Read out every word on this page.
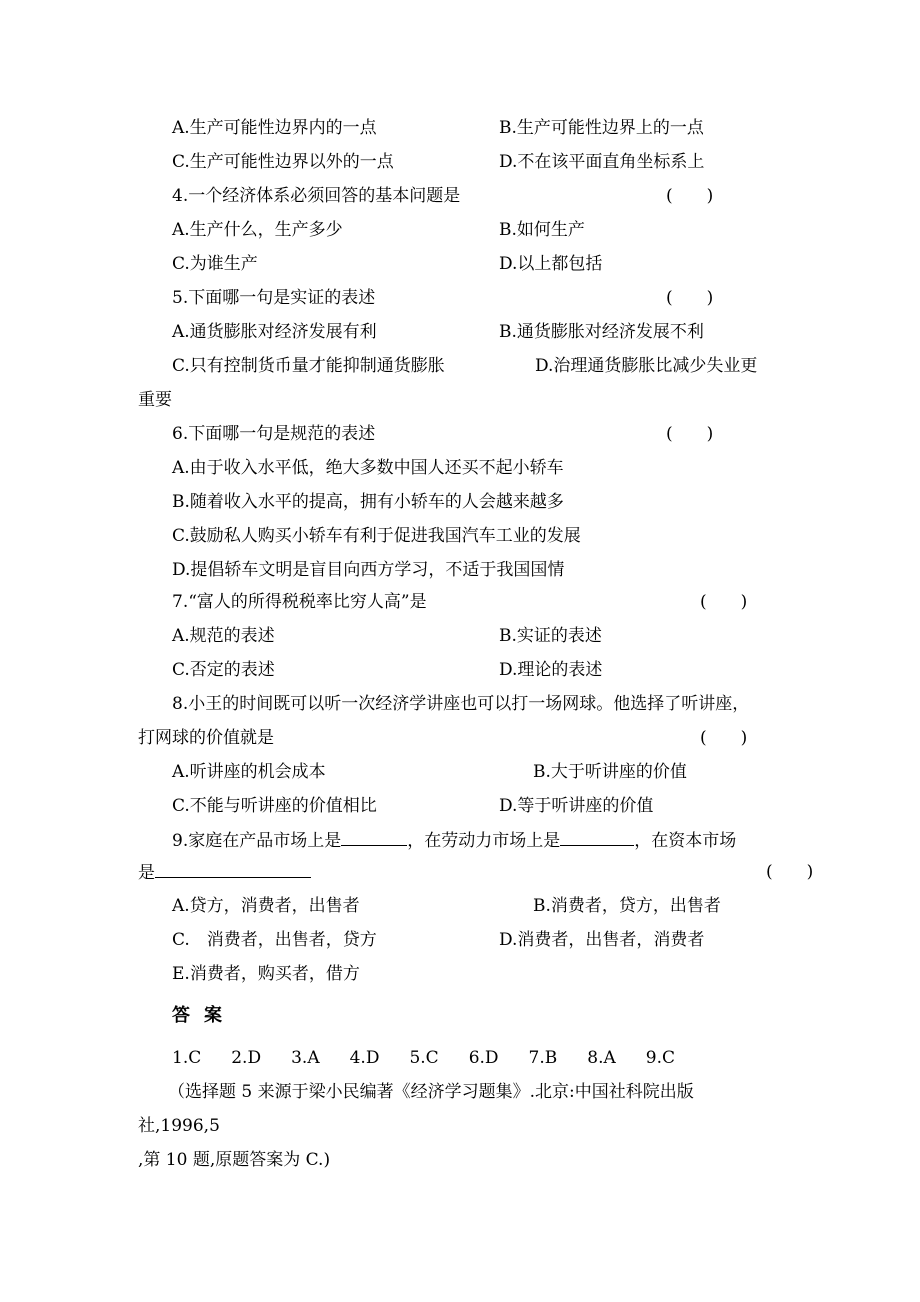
A.生产可能性边界内的一点	B.生产可能性边界上的一点
C.生产可能性边界以外的一点	D.不在该平面直角坐标系上
4.一个经济体系必须回答的基本问题是	(　　)
A.生产什么，生产多少	B.如何生产
C.为谁生产	D.以上都包括
5.下面哪一句是实证的表述	(　　)
A.通货膨胀对经济发展有利	B.通货膨胀对经济发展不利
C.只有控制货币量才能抑制通货膨胀	D.治理通货膨胀比减少失业更
重要
6.下面哪一句是规范的表述	(　　)
A.由于收入水平低，绝大多数中国人还买不起小轿车
B.随着收入水平的提高，拥有小轿车的人会越来越多
C.鼓励私人购买小轿车有利于促进我国汽车工业的发展
D.提倡轿车文明是盲目向西方学习，不适于我国国情
7.“富人的所得税税率比穷人高”是	(　　)
A.规范的表述	B.实证的表述
C.否定的表述	D.理论的表述
8.小王的时间既可以听一次经济学讲座也可以打一场网球。他选择了听讲座，
打网球的价值就是	(　　)
A.听讲座的机会成本	B.大于听讲座的价值
C.不能与听讲座的价值相比	D.等于听讲座的价值
9.家庭在产品市场上是	，在劳动力市场上是	，在资本市场
是	(　　)
A.贷方，消费者，出售者	B.消费者，贷方，出售者
C.　消费者，出售者，贷方	D.消费者，出售者，消费者
E.消费者，购买者，借方
答案
1.C 2.D 3.A 4.D 5.C 6.D 7.B 8.A 9.C
（选择题 5 来源于梁小民编著《经济学习题集》.北京:中国社科院出版
社,1996,5
,第 10 题,原题答案为 C.)
